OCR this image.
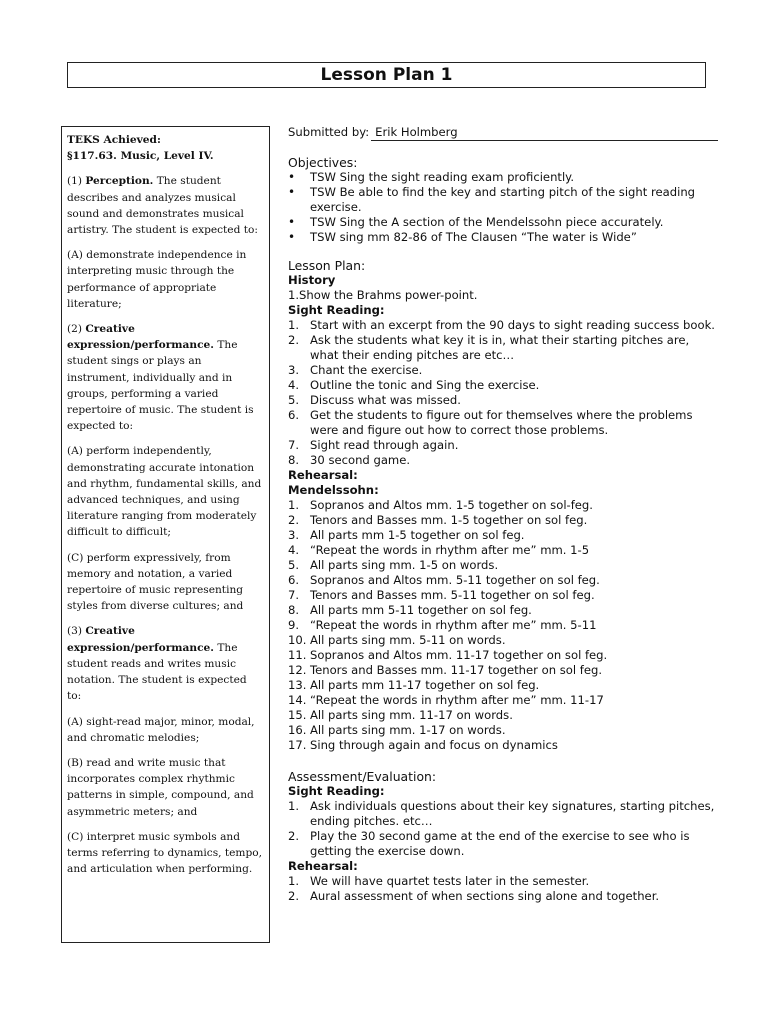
Lesson Plan 1

TEKS Achieved:

§117.63. Music, Level IV.

(1) Perception. The student describes and analyzes musical sound and demonstrates musical artistry. The student is expected to:

(A) demonstrate independence in interpreting music through the performance of appropriate literature;

(2) Creative expression/performance. The student sings or plays an instrument, individually and in groups, performing a varied repertoire of music. The student is expected to:

(A) perform independently, demonstrating accurate intonation and rhythm, fundamental skills, and advanced techniques, and using literature ranging from moderately difficult to difficult;

(C) perform expressively, from memory and notation, a varied repertoire of music representing styles from diverse cultures; and

(3) Creative expression/performance. The student reads and writes music notation. The student is expected to:

(A) sight-read major, minor, modal, and chromatic melodies;

(B) read and write music that incorporates complex rhythmic patterns in simple, compound, and asymmetric meters; and

(C) interpret music symbols and terms referring to dynamics, tempo, and articulation when performing.

Submitted by: Erik Holmberg
Objectives:
• TSW Sing the sight reading exam proficiently.
• TSW Be able to find the key and starting pitch of the sight reading exercise.
• TSW Sing the A section of the Mendelssohn piece accurately.
• TSW sing mm 82-86 of The Clausen “The water is Wide”
Lesson Plan:
History
1.Show the Brahms power-point.
Sight Reading:
1. Start with an excerpt from the 90 days to sight reading success book.
2. Ask the students what key it is in, what their starting pitches are, what their ending pitches are etc…
3. Chant the exercise.
4. Outline the tonic and Sing the exercise.
5. Discuss what was missed.
6. Get the students to figure out for themselves where the problems were and figure out how to correct those problems.
7. Sight read through again.
8. 30 second game.
Rehearsal:
Mendelssohn:
1. Sopranos and Altos mm. 1-5 together on sol-feg.
2. Tenors and Basses mm. 1-5 together on sol feg.
3. All parts mm 1-5 together on sol feg.
4. “Repeat the words in rhythm after me” mm. 1-5
5. All parts sing mm. 1-5 on words.
6. Sopranos and Altos mm. 5-11 together on sol feg.
7. Tenors and Basses mm. 5-11 together on sol feg.
8. All parts mm 5-11 together on sol feg.
9. “Repeat the words in rhythm after me” mm. 5-11
10. All parts sing mm. 5-11 on words.
11. Sopranos and Altos mm. 11-17 together on sol feg.
12. Tenors and Basses mm. 11-17 together on sol feg.
13. All parts mm 11-17 together on sol feg.
14. “Repeat the words in rhythm after me” mm. 11-17
15. All parts sing mm. 11-17 on words.
16. All parts sing mm. 1-17 on words.
17. Sing through again and focus on dynamics
Assessment/Evaluation:
Sight Reading:
1. Ask individuals questions about their key signatures, starting pitches, ending pitches. etc…
2. Play the 30 second game at the end of the exercise to see who is getting the exercise down.
Rehearsal:
1. We will have quartet tests later in the semester.
2. Aural assessment of when sections sing alone and together.
